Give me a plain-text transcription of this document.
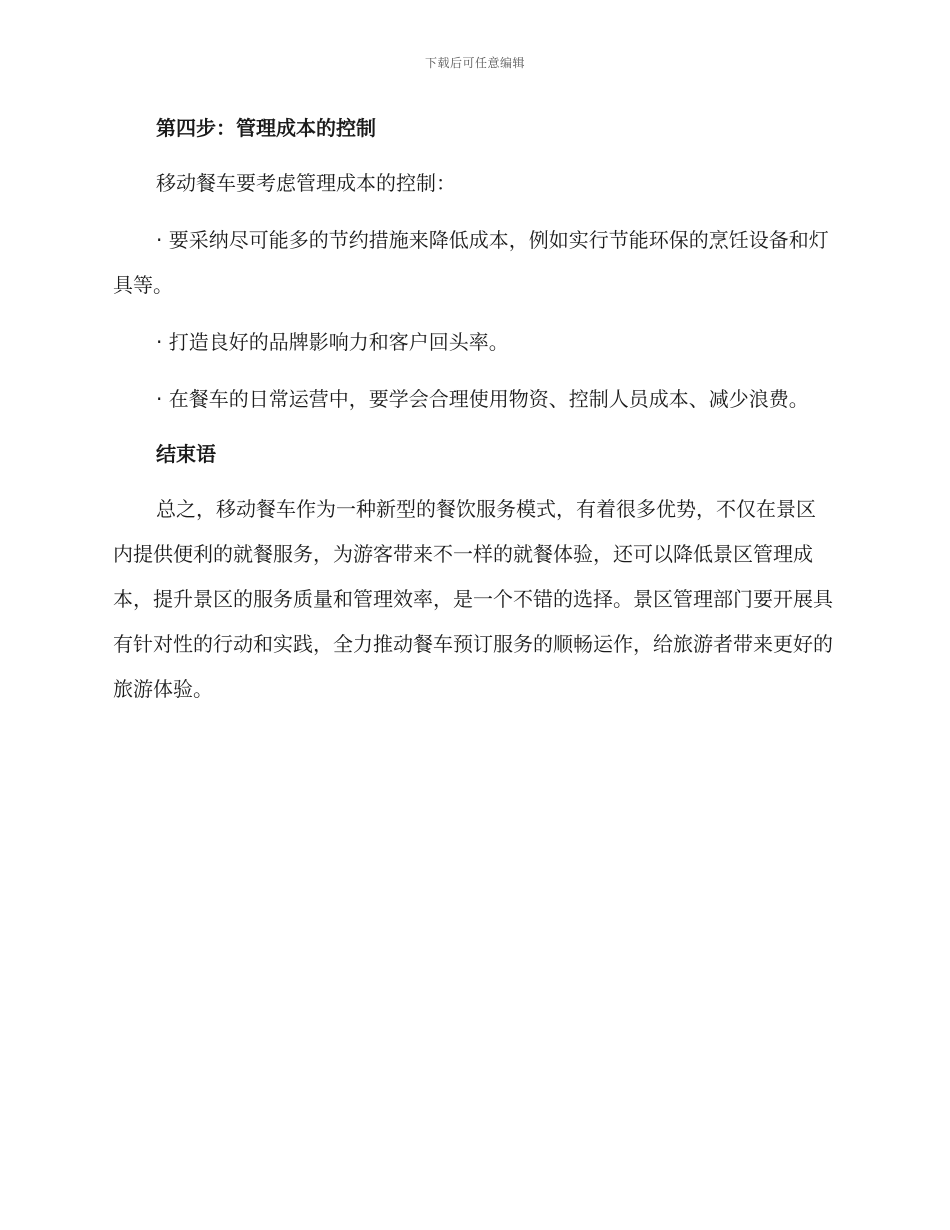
下载后可任意编辑
第四步：管理成本的控制

移动餐车要考虑管理成本的控制：

· 要采纳尽可能多的节约措施来降低成本，例如实行节能环保的烹饪设备和灯具等。

· 打造良好的品牌影响力和客户回头率。

· 在餐车的日常运营中，要学会合理使用物资、控制人员成本、减少浪费。

结束语

总之，移动餐车作为一种新型的餐饮服务模式，有着很多优势，不仅在景区内提供便利的就餐服务，为游客带来不一样的就餐体验，还可以降低景区管理成本，提升景区的服务质量和管理效率，是一个不错的选择。景区管理部门要开展具有针对性的行动和实践，全力推动餐车预订服务的顺畅运作，给旅游者带来更好的旅游体验。
